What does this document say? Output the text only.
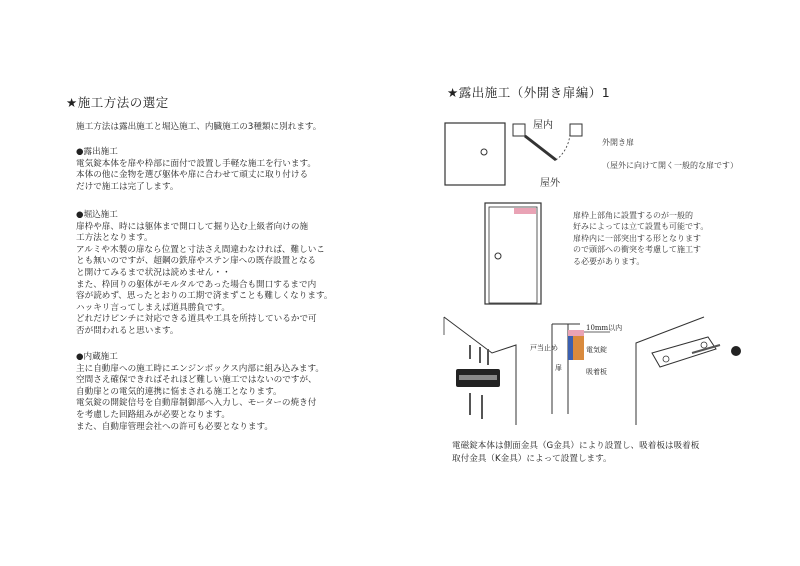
★施工方法の選定
施工方法は露出施工と堀込施工、内臓施工の3種類に別れます。
●露出施工
電気錠本体を扉や枠部に面付で設置し手軽な施工を行います。
本体の他に金物を選び躯体や扉に合わせて頑丈に取り付ける
だけで施工は完了します。
●堀込施工
扉枠や扉、時には躯体まで開口して掘り込む上級者向けの施
工方法となります。
アルミや木製の扉なら位置と寸法さえ間違わなければ、難しいこ
とも無いのですが、超鋼の鉄扉やステン扉への既存設置となる
と開けてみるまで状況は読めません・・
また、枠回りの躯体がモルタルであった場合も開口するまで内
容が読めず、思ったとおりの工期で済まずことも難しくなります。
ハッキリ言ってしまえば道具勝負です。
どれだけピンチに対応できる道具や工具を所持しているかで可
否が問われると思います。
●内蔵施工
主に自動扉への施工時にエンジンボックス内部に組み込みます。
空間さえ確保できればそれほど難しい施工ではないのですが、
自動扉との電気的連携に悩まされる施工となります。
電気錠の開錠信号を自動扉制御部へ入力し、モーターの焼き付
を考慮した回路組みが必要となります。
また、自動扉管理会社への許可も必要となります。
★露出施工（外開き扉編）1
屋内
屋外

外開き扉

（屋外に向けて開く一般的な扉です）

扉枠上部角に設置するのが一般的
好みによっては立て設置も可能です。
扉枠内に一部突出する形となります
ので頭部への衝突を考慮して施工す
る必要があります。
10mm以内
戸当止め	電気錠
吸着板
扉
電磁錠本体は側面金具（G金具）により設置し、吸着板は吸着板
取付金具（K金具）によって設置します。
